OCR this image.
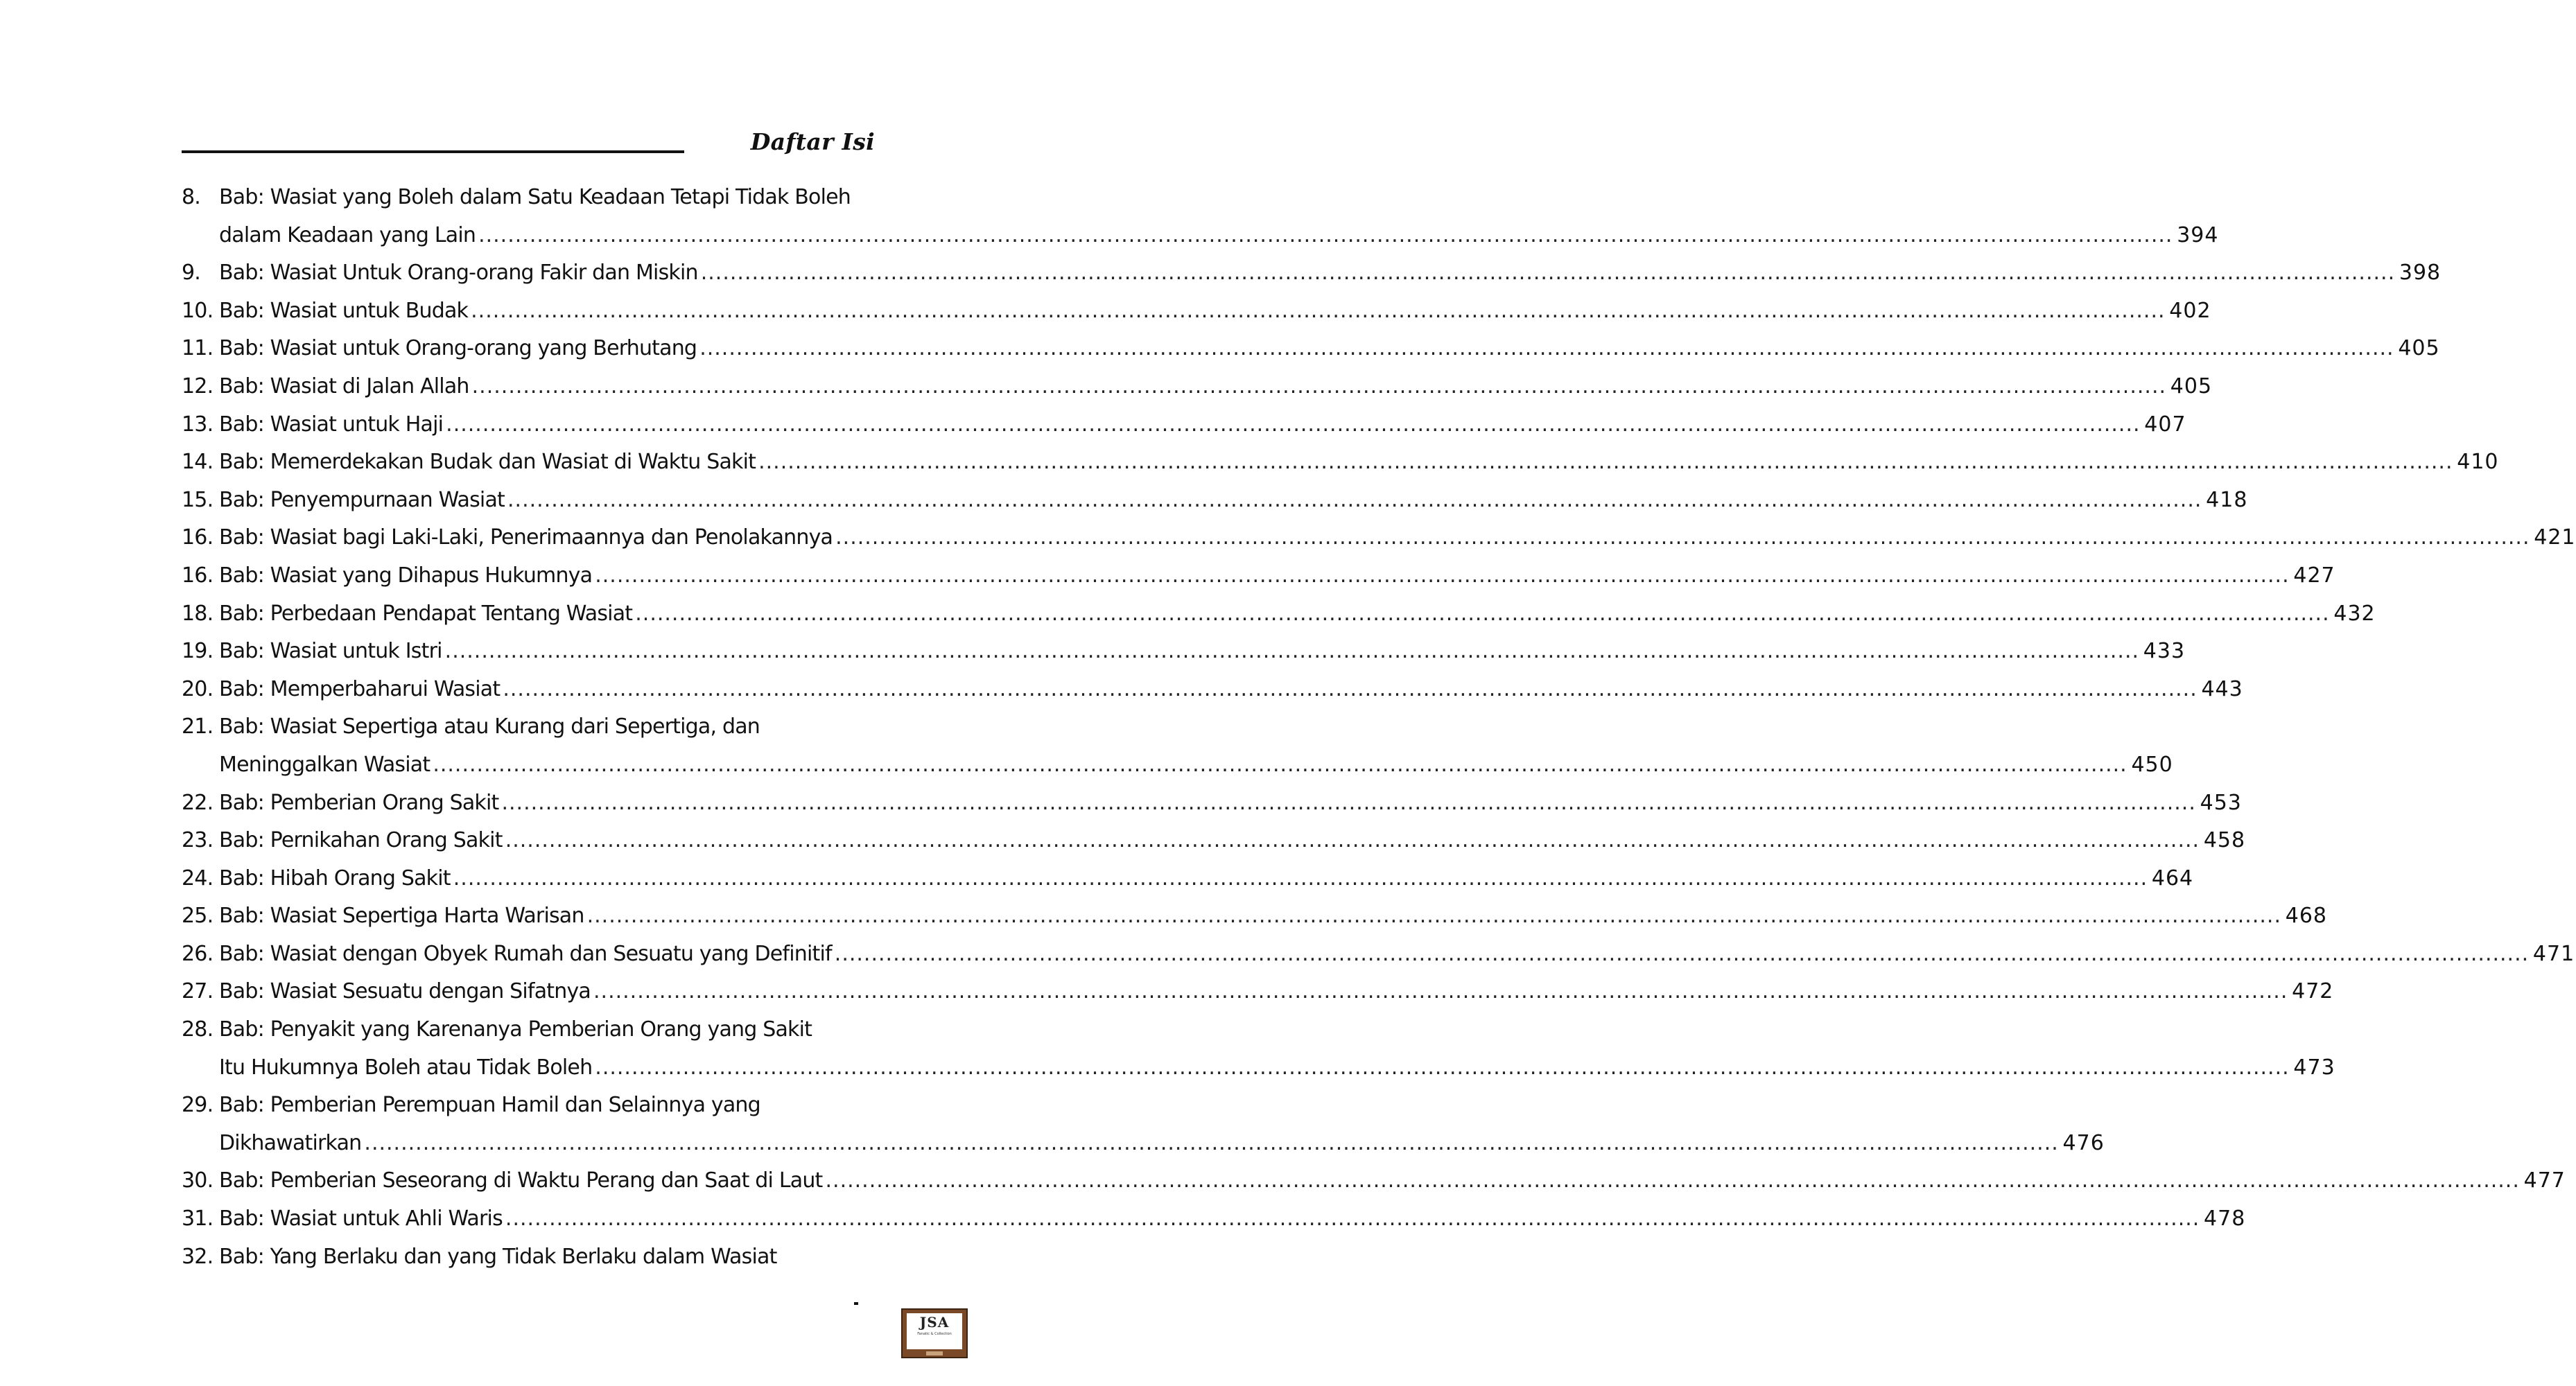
Daftar Isi
8. Bab: Wasiat yang Boleh dalam Satu Keadaan Tetapi Tidak Boleh
dalam Keadaan yang Lain .....	394
9. Bab: Wasiat Untuk Orang-orang Fakir dan Miskin .....	398
10. Bab: Wasiat untuk Budak .....	402
11. Bab: Wasiat untuk Orang-orang yang Berhutang .....	405
12. Bab: Wasiat di Jalan Allah .....	405
13. Bab: Wasiat untuk Haji .....	407
14. Bab: Memerdekakan Budak dan Wasiat di Waktu Sakit .....	410
15. Bab: Penyempurnaan Wasiat .....	418
16. Bab: Wasiat bagi Laki-Laki, Penerimaannya dan Penolakannya .....	421
16. Bab: Wasiat yang Dihapus Hukumnya .....	427
18. Bab: Perbedaan Pendapat Tentang Wasiat .....	432
19. Bab: Wasiat untuk Istri .....	433
20. Bab: Memperbaharui Wasiat .....	443
21. Bab: Wasiat Sepertiga atau Kurang dari Sepertiga, dan
Meninggalkan Wasiat .....	450
22. Bab: Pemberian Orang Sakit .....	453
23. Bab: Pernikahan Orang Sakit .....	458
24. Bab: Hibah Orang Sakit .....	464
25. Bab: Wasiat Sepertiga Harta Warisan .....	468
26. Bab: Wasiat dengan Obyek Rumah dan Sesuatu yang Definitif .....	471
27. Bab: Wasiat Sesuatu dengan Sifatnya .....	472
28. Bab: Penyakit yang Karenanya Pemberian Orang yang Sakit
Itu Hukumnya Boleh atau Tidak Boleh .....	473
29. Bab: Pemberian Perempuan Hamil dan Selainnya yang
Dikhawatirkan .....	476
30. Bab: Pemberian Seseorang di Waktu Perang dan Saat di Laut .....	477
31. Bab: Wasiat untuk Ahli Waris .....	478
32. Bab: Yang Berlaku dan yang Tidak Berlaku dalam Wasiat
JSA
Fanatic & Collection
